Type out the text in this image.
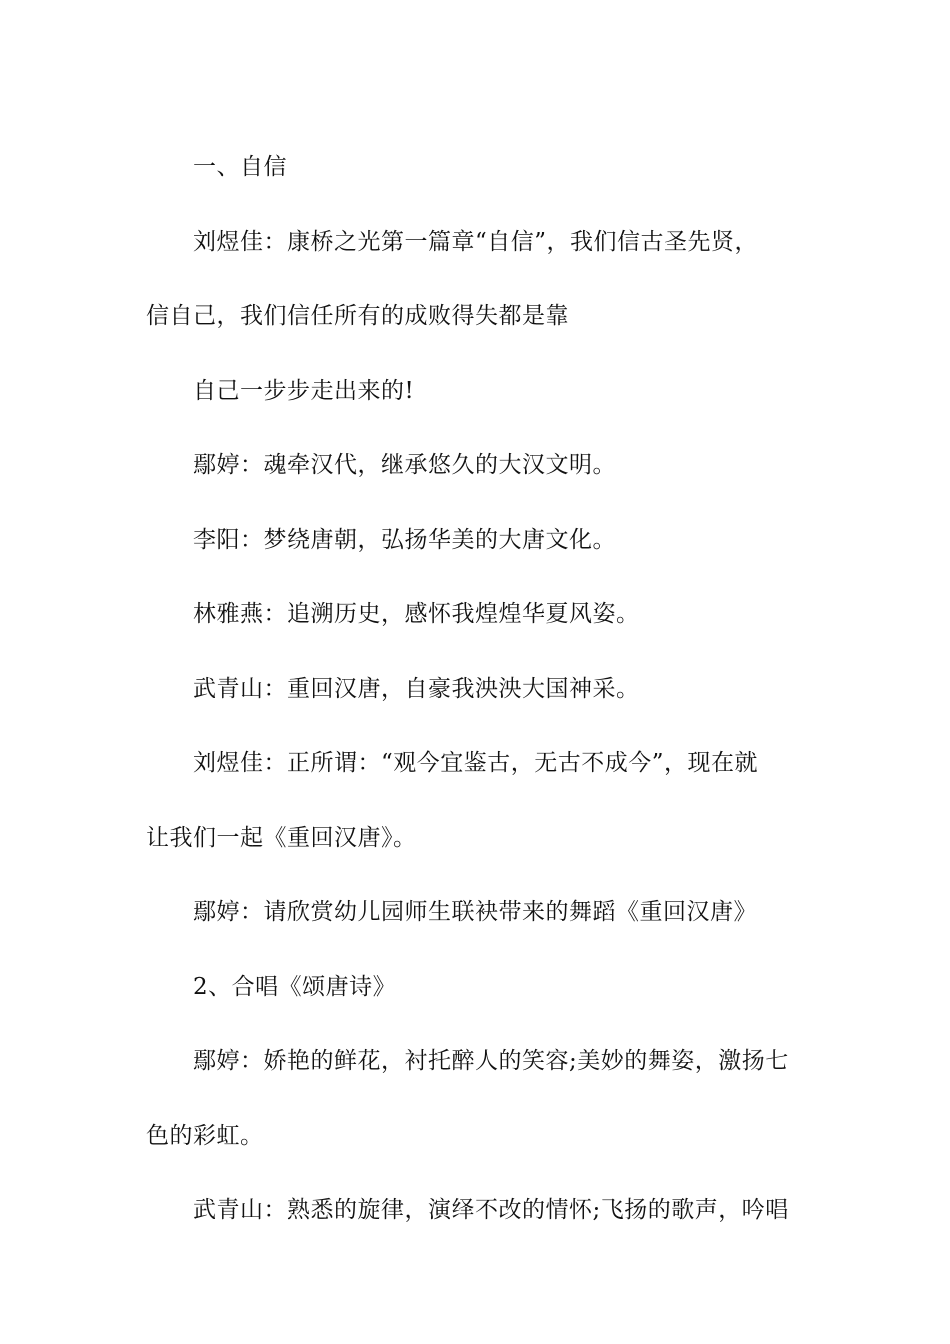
一、自信

刘煜佳：康桥之光第一篇章“自信”，我们信古圣先贤，

信自己，我们信任所有的成败得失都是靠

自己一步步走出来的!

鄢婷：魂牵汉代，继承悠久的大汉文明。

李阳：梦绕唐朝，弘扬华美的大唐文化。

林雅燕：追溯历史，感怀我煌煌华夏风姿。

武青山：重回汉唐，自豪我泱泱大国神采。

刘煜佳：正所谓：“观今宜鉴古，无古不成今”，现在就

让我们一起《重回汉唐》。

鄢婷：请欣赏幼儿园师生联袂带来的舞蹈《重回汉唐》

2、合唱《颂唐诗》

鄢婷：娇艳的鲜花，衬托醉人的笑容;美妙的舞姿，激扬七

色的彩虹。

武青山：熟悉的旋律，演绎不改的情怀;飞扬的歌声，吟唱
